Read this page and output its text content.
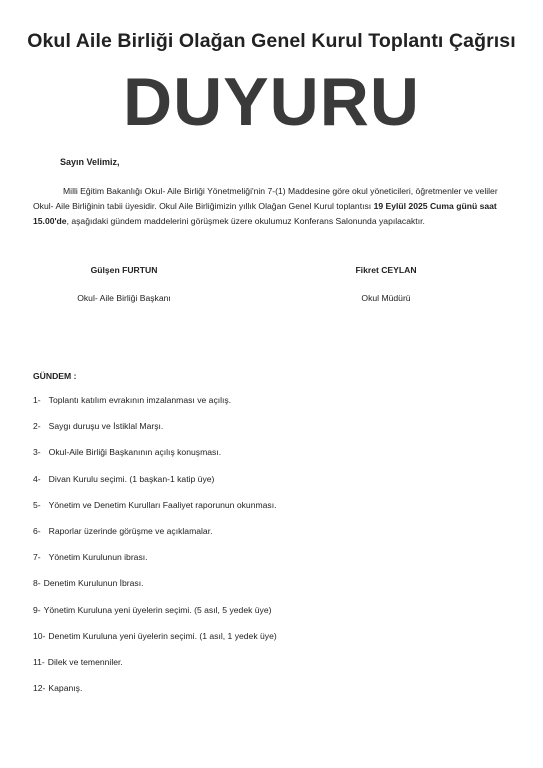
Okul Aile Birliği Olağan Genel Kurul Toplantı Çağrısı
DUYURU
Sayın Velimiz,

Milli Eğitim Bakanlığı Okul- Aile Birliği Yönetmeliği'nin 7-(1) Maddesine göre okul yöneticileri, öğretmenler ve veliler Okul- Aile Birliğinin tabii üyesidir. Okul Aile Birliğimizin yıllık Olağan Genel Kurul toplantısı 19 Eylül 2025 Cuma günü saat 15.00'de, aşağıdaki gündem maddelerini görüşmek üzere okulumuz Konferans Salonunda yapılacaktır.

Gülşen FURTUN
Okul- Aile Birliği Başkanı
Fikret CEYLAN
Okul Müdürü
GÜNDEM :
1- Toplantı katılım evrakının imzalanması ve açılış.
2- Saygı duruşu ve İstiklal Marşı.
3- Okul-Aile Birliği Başkanının açılış konuşması.
4- Divan Kurulu seçimi. (1 başkan-1 katip üye)
5- Yönetim ve Denetim Kurulları Faaliyet raporunun okunması.
6- Raporlar üzerinde görüşme ve açıklamalar.
7- Yönetim Kurulunun ibrası.
8- Denetim Kurulunun İbrası.
9- Yönetim Kuruluna yeni üyelerin seçimi. (5 asıl, 5 yedek üye)
10- Denetim Kuruluna yeni üyelerin seçimi. (1 asıl, 1 yedek üye)
11- Dilek ve temenniler.
12- Kapanış.
